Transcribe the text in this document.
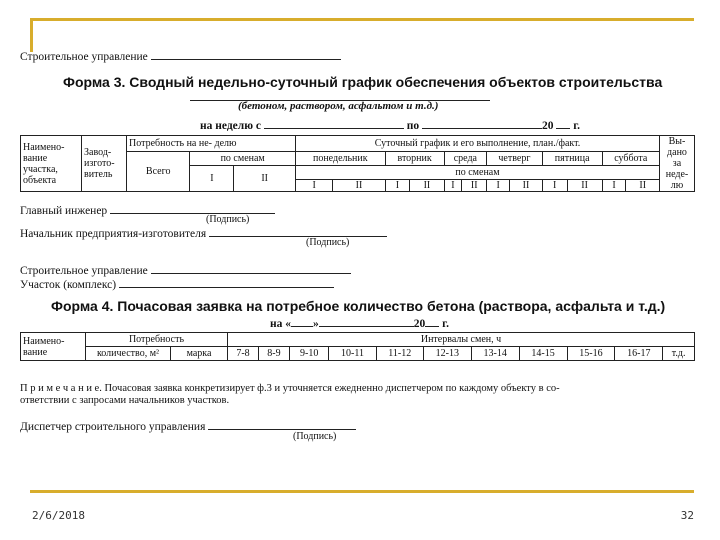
Строительное управление
Форма 3. Сводный недельно-суточный график обеспечения объектов строительства
(бетоном, раствором, асфальтом и т.д.)
на неделю с	по	20 г.
Наимено- вание участка, объекта	Завод- изгото- витель	Потребность на не- делю			Суточный график и его выполнение, план./факт.												Вы- дано за неде- лю
		Всего	по сменам		понедельник		вторник		среда		четверг		пятница		суббота		
			I	II	по сменам												
					I	II	I	II	I	II	I	II	I	II	I	II	
Главный инженер
(Подпись)
Начальник предприятия-изготовителя
(Подпись)
Строительное управление
Участок (комплекс)
Форма 4. Почасовая заявка на потребное количество бетона (раствора, асфальта и т.д.)
на « »	20 г.
Наимено- вание	Потребность		Интервалы смен, ч										
	количество, м²	марка	7-8	8-9	9-10	10-11	11-12	12-13	13-14	14-15	15-16	16-17	т.д.
П р и м е ч а н и е. Почасовая заявка конкретизирует ф.3 и уточняется ежедненно диспетчером по каждому объекту в со-
ответствии с запросами начальников участков.
Диспетчер строительного управления
(Подпись)
2/6/2018	32
